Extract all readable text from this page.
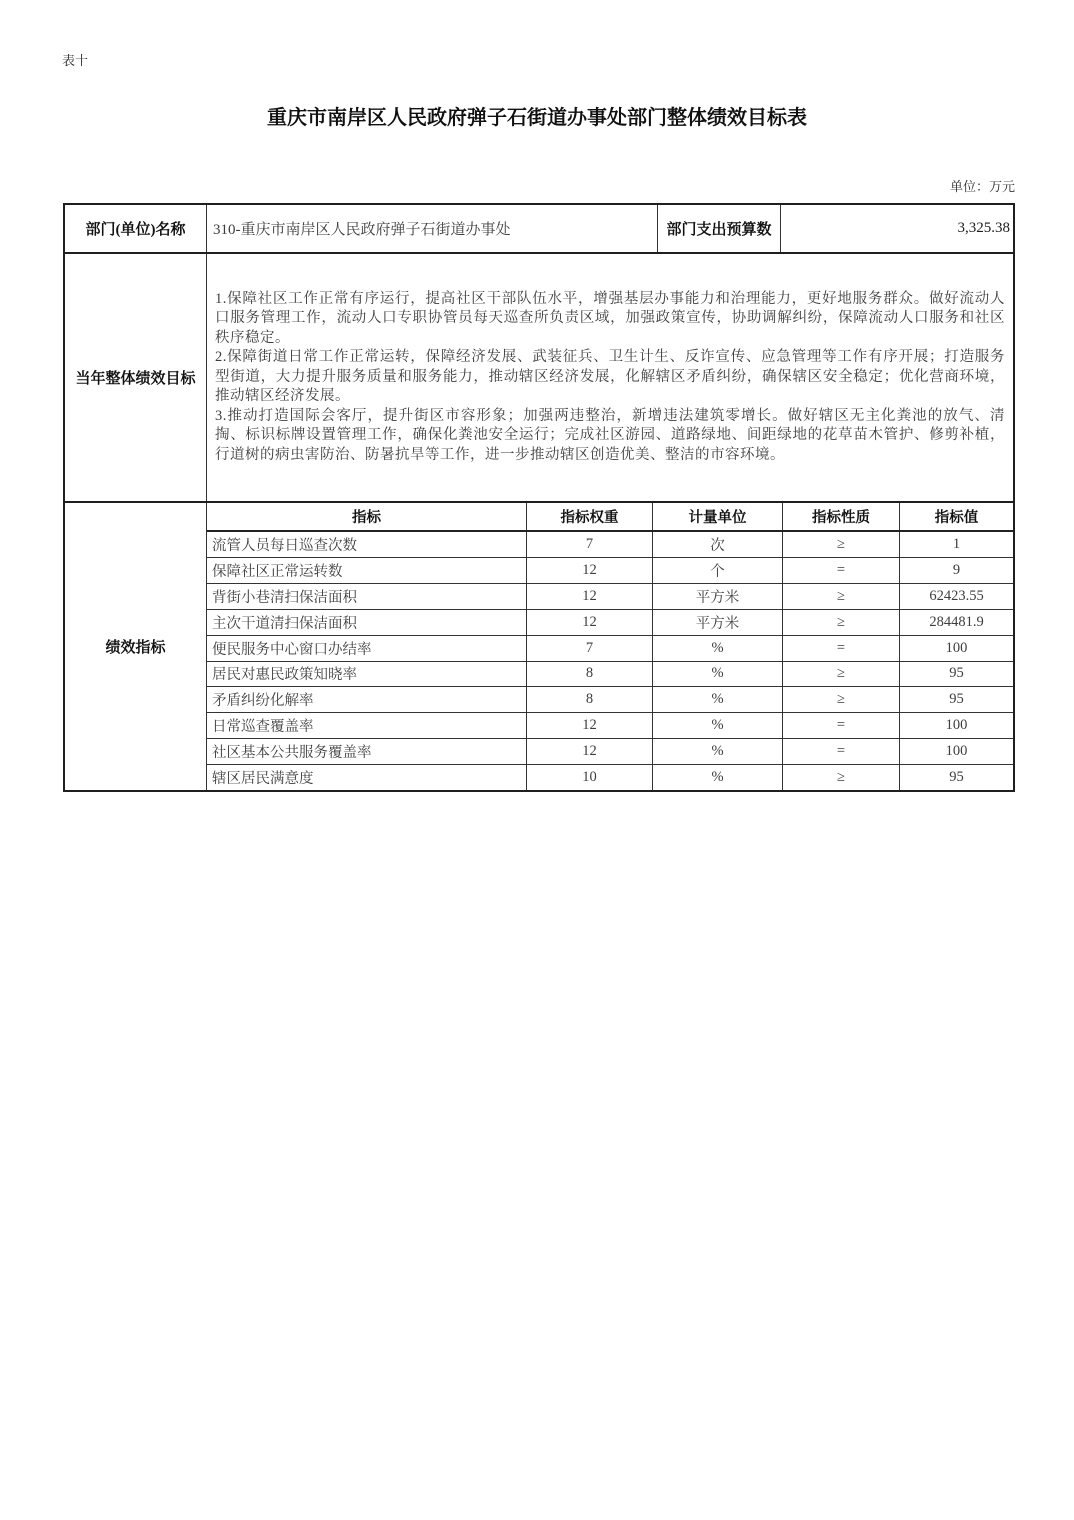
表十
重庆市南岸区人民政府弹子石街道办事处部门整体绩效目标表
单位：万元
部门(单位)名称	310-重庆市南岸区人民政府弹子石街道办事处	部门支出预算数	3,325.38
当年整体绩效目标

1.保障社区工作正常有序运行，提高社区干部队伍水平，增强基层办事能力和治理能力，更好地服务群众。做好流动人口服务管理工作，流动人口专职协管员每天巡查所负责区域，加强政策宣传，协助调解纠纷，保障流动人口服务和社区秩序稳定。

2.保障街道日常工作正常运转，保障经济发展、武装征兵、卫生计生、反诈宣传、应急管理等工作有序开展；打造服务型街道，大力提升服务质量和服务能力，推动辖区经济发展，化解辖区矛盾纠纷，确保辖区安全稳定；优化营商环境，推动辖区经济发展。

3.推动打造国际会客厅，提升街区市容形象；加强两违整治，新增违法建筑零增长。做好辖区无主化粪池的放气、清掏、标识标牌设置管理工作，确保化粪池安全运行；完成社区游园、道路绿地、间距绿地的花草苗木管护、修剪补植，行道树的病虫害防治、防暑抗旱等工作，进一步推动辖区创造优美、整洁的市容环境。

绩效指标
指标	指标权重	计量单位	指标性质	指标值
流管人员每日巡查次数	7	次	≥	1
保障社区正常运转数	12	个	=	9
背街小巷清扫保洁面积	12	平方米	≥	62423.55
主次干道清扫保洁面积	12	平方米	≥	284481.9
便民服务中心窗口办结率	7	%	=	100
居民对惠民政策知晓率	8	%	≥	95
矛盾纠纷化解率	8	%	≥	95
日常巡查覆盖率	12	%	=	100
社区基本公共服务覆盖率	12	%	=	100
辖区居民满意度	10	%	≥	95
